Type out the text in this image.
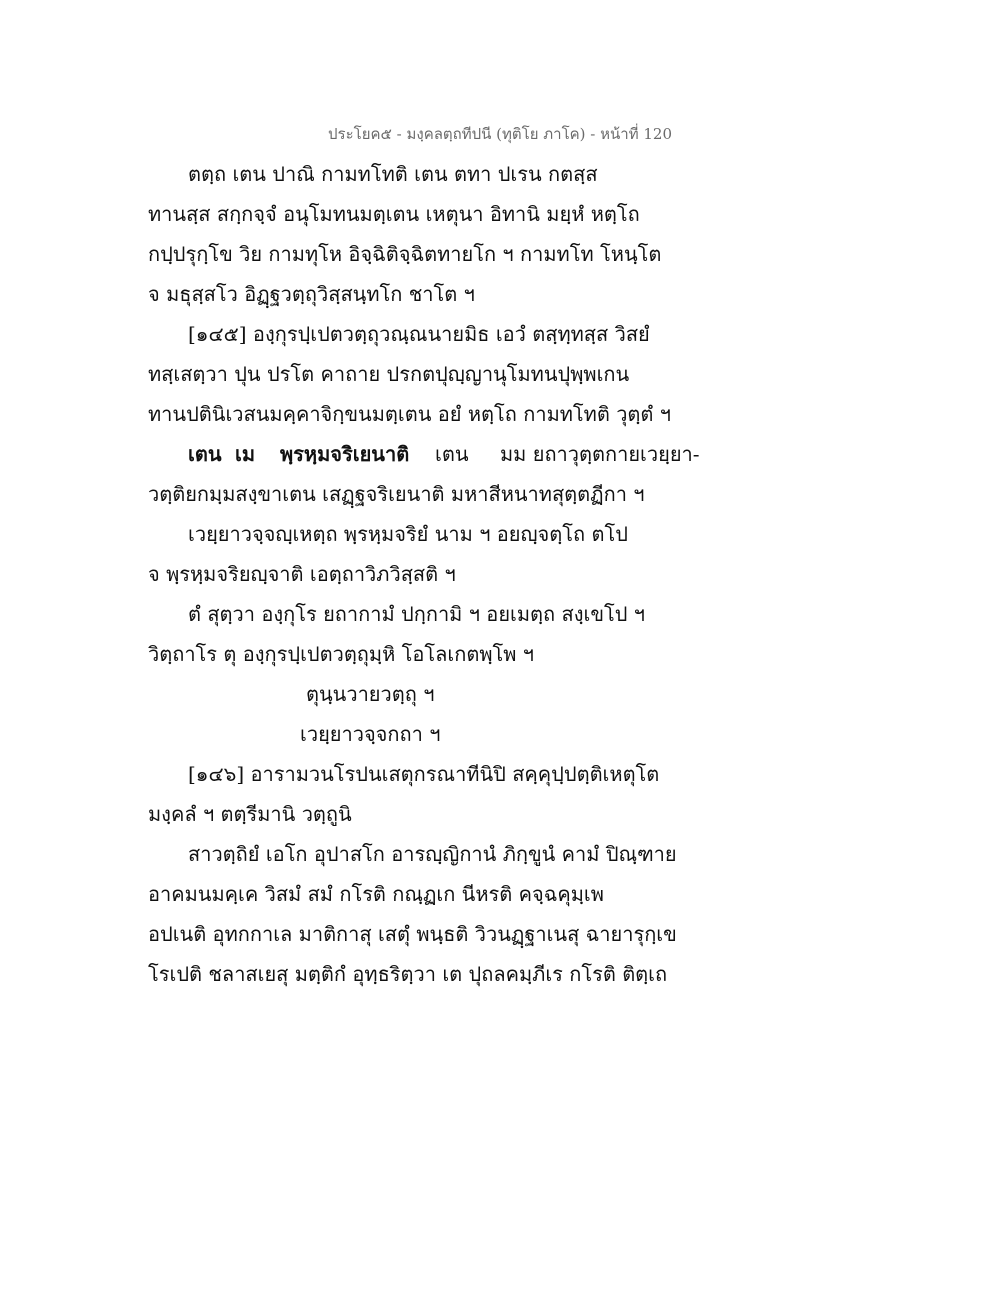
ประโยค๕ - มงฺคลตฺถทีปนี (ทุติโย ภาโค) - หน้าที่ 120
ตตฺถ เตน ปาณิ กามทโทติ เตน ตทา ปเรน กตสฺส
ทานสฺส สกฺกจฺจํ อนุโมทนมตฺเตน เหตุนา อิทานิ มยฺหํ หตฺโถ
กปฺปรุกฺโข วิย กามทุโห อิจฺฉิติจฺฉิตทายโก ฯ กามทโท โหนฺโต
จ มธุสฺสโว อิฏฺฐวตฺถุวิสฺสนฺทโก ชาโต ฯ
[๑๔๕] องฺกุรปฺเปตวตฺถุวณฺณนายมิธ เอวํ ตสฺทฺทสฺส วิสยํ
ทสฺเสตฺวา ปุน ปรโต คาถาย ปรกตปุญฺญานุโมทนปุพฺพเกน
ทานปตินิเวสนมคฺคาจิกฺขนมตฺเตน อยํ หตฺโถ กามทโทติ วุตฺตํ ฯ
เตน เม พฺรหฺมจริเยนาติ เตน มม ยถาวุตฺตกายเวยฺยา-
วตฺติยกมฺมสงฺขาเตน เสฏฺฐจริเยนาติ มหาสีหนาทสุตฺตฏีกา ฯ
เวยฺยาวจฺจญฺเหตฺถ พฺรหฺมจริยํ นาม ฯ อยญฺจตฺโถ ตโป
จ พฺรหฺมจริยญฺจาติ เอตฺถาวิภวิสฺสติ ฯ
ตํ สุตฺวา องฺกุโร ยถากามํ ปกฺกามิ ฯ อยเมตฺถ สงฺเขโป ฯ
วิตฺถาโร ตุ องฺกุรปฺเปตวตฺถุมฺหิ โอโลเกตพฺโพ ฯ
ตุนฺนวายวตฺถุ ฯ
เวยฺยาวจฺจกถา ฯ
[๑๔๖] อารามวนโรปนเสตุกรณาทีนิปิ สคฺคุปฺปตฺติเหตุโต
มงฺคลํ ฯ ตตฺรีมานิ วตฺถูนิ
สาวตฺถิยํ เอโก อุปาสโก อารญฺญิกานํ ภิกฺขูนํ คามํ ปิณฺฑาย
อาคมนมคฺเค วิสมํ สมํ กโรติ กณฺฏเก นีหรติ คจฺฉคุมฺเพ
อปเนติ อุทกกาเล มาติกาสุ เสตุํ พนฺธติ วิวนฏฺฐาเนสุ ฉายารุกฺเข
โรเปติ ชลาสเยสุ มตฺติกํ อุทฺธริตฺวา เต ปุถลคมฺภีเร กโรติ ติตฺเถ
